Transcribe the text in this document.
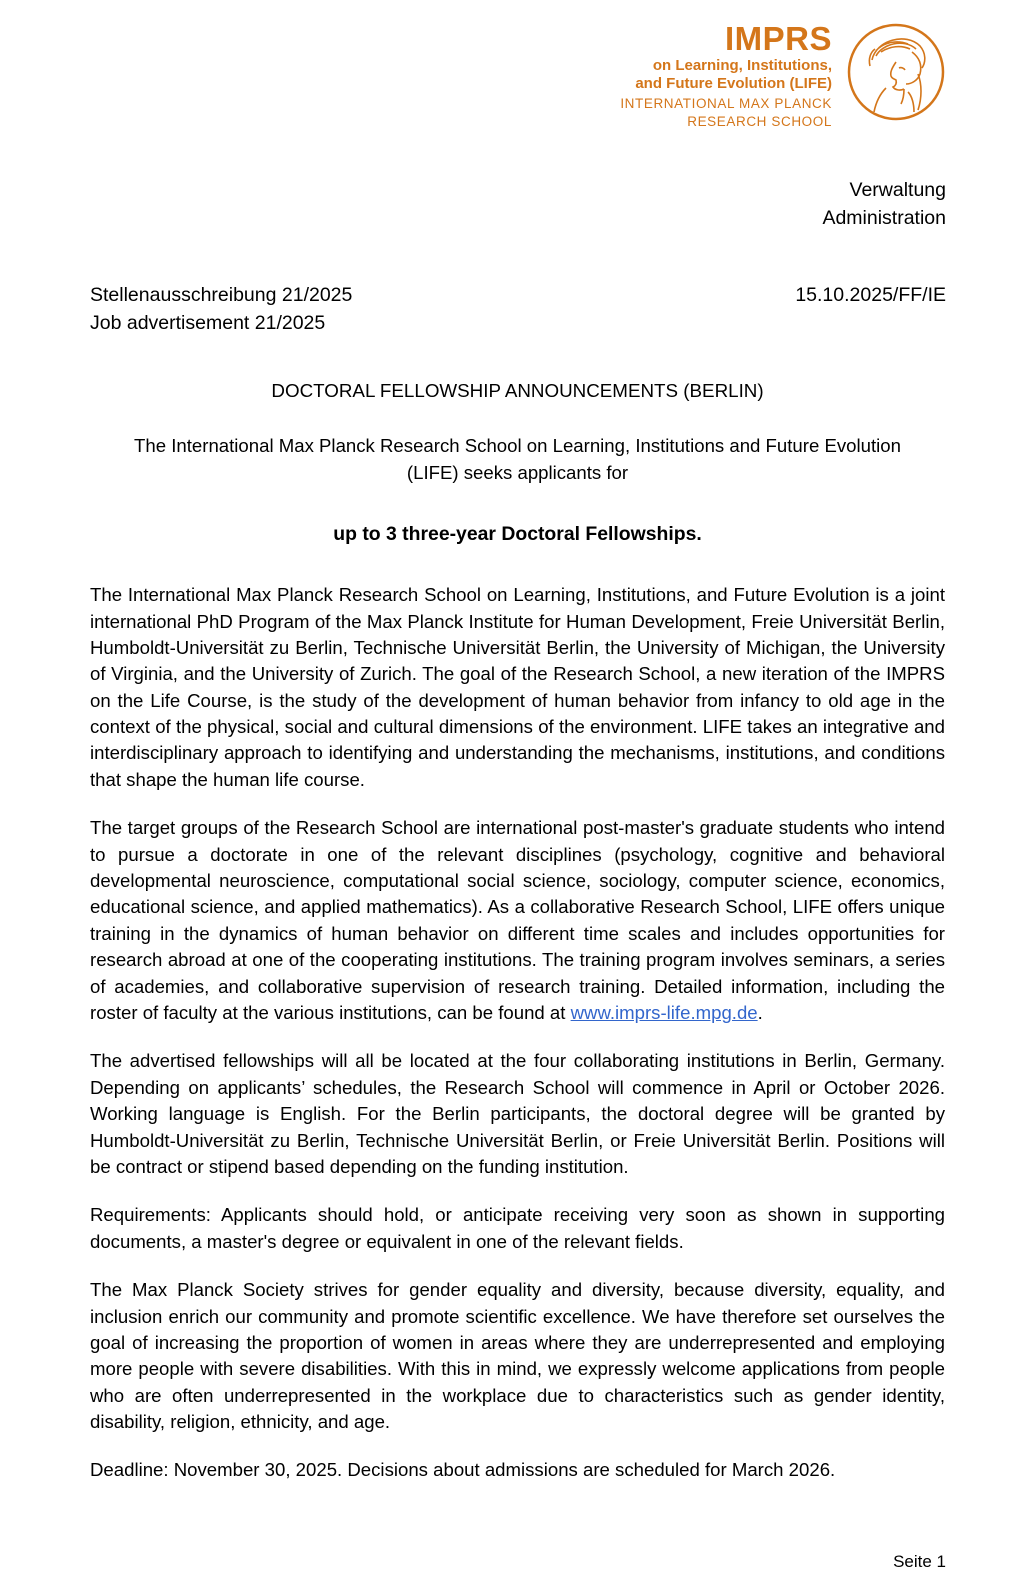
IMPRS
on Learning, Institutions,
and Future Evolution (LIFE)
INTERNATIONAL MAX PLANCK
RESEARCH SCHOOL
Verwaltung
Administration
Stellenausschreibung 21/2025
Job advertisement 21/2025
15.10.2025/FF/IE
DOCTORAL FELLOWSHIP ANNOUNCEMENTS (BERLIN)
The International Max Planck Research School on Learning, Institutions and Future Evolution (LIFE) seeks applicants for
up to 3 three-year Doctoral Fellowships.

The International Max Planck Research School on Learning, Institutions, and Future Evolution is a joint international PhD Program of the Max Planck Institute for Human Development, Freie Universität Berlin, Humboldt-Universität zu Berlin, Technische Universität Berlin, the University of Michigan, the University of Virginia, and the University of Zurich. The goal of the Research School, a new iteration of the IMPRS on the Life Course, is the study of the development of human behavior from infancy to old age in the context of the physical, social and cultural dimensions of the environment. LIFE takes an integrative and interdisciplinary approach to identifying and understanding the mechanisms, institutions, and conditions that shape the human life course.

The target groups of the Research School are international post-master's graduate students who intend to pursue a doctorate in one of the relevant disciplines (psychology, cognitive and behavioral developmental neuroscience, computational social science, sociology, computer science, economics, educational science, and applied mathematics). As a collaborative Research School, LIFE offers unique training in the dynamics of human behavior on different time scales and includes opportunities for research abroad at one of the cooperating institutions. The training program involves seminars, a series of academies, and collaborative supervision of research training. Detailed information, including the roster of faculty at the various institutions, can be found at www.imprs-life.mpg.de.

The advertised fellowships will all be located at the four collaborating institutions in Berlin, Germany. Depending on applicants’ schedules, the Research School will commence in April or October 2026. Working language is English. For the Berlin participants, the doctoral degree will be granted by Humboldt-Universität zu Berlin, Technische Universität Berlin, or Freie Universität Berlin. Positions will be contract or stipend based depending on the funding institution.

Requirements: Applicants should hold, or anticipate receiving very soon as shown in supporting documents, a master's degree or equivalent in one of the relevant fields.

The Max Planck Society strives for gender equality and diversity, because diversity, equality, and inclusion enrich our community and promote scientific excellence. We have therefore set ourselves the goal of increasing the proportion of women in areas where they are underrepresented and employing more people with severe disabilities. With this in mind, we expressly welcome applications from people who are often underrepresented in the workplace due to characteristics such as gender identity, disability, religion, ethnicity, and age.

Deadline: November 30, 2025. Decisions about admissions are scheduled for March 2026.

Seite 1
